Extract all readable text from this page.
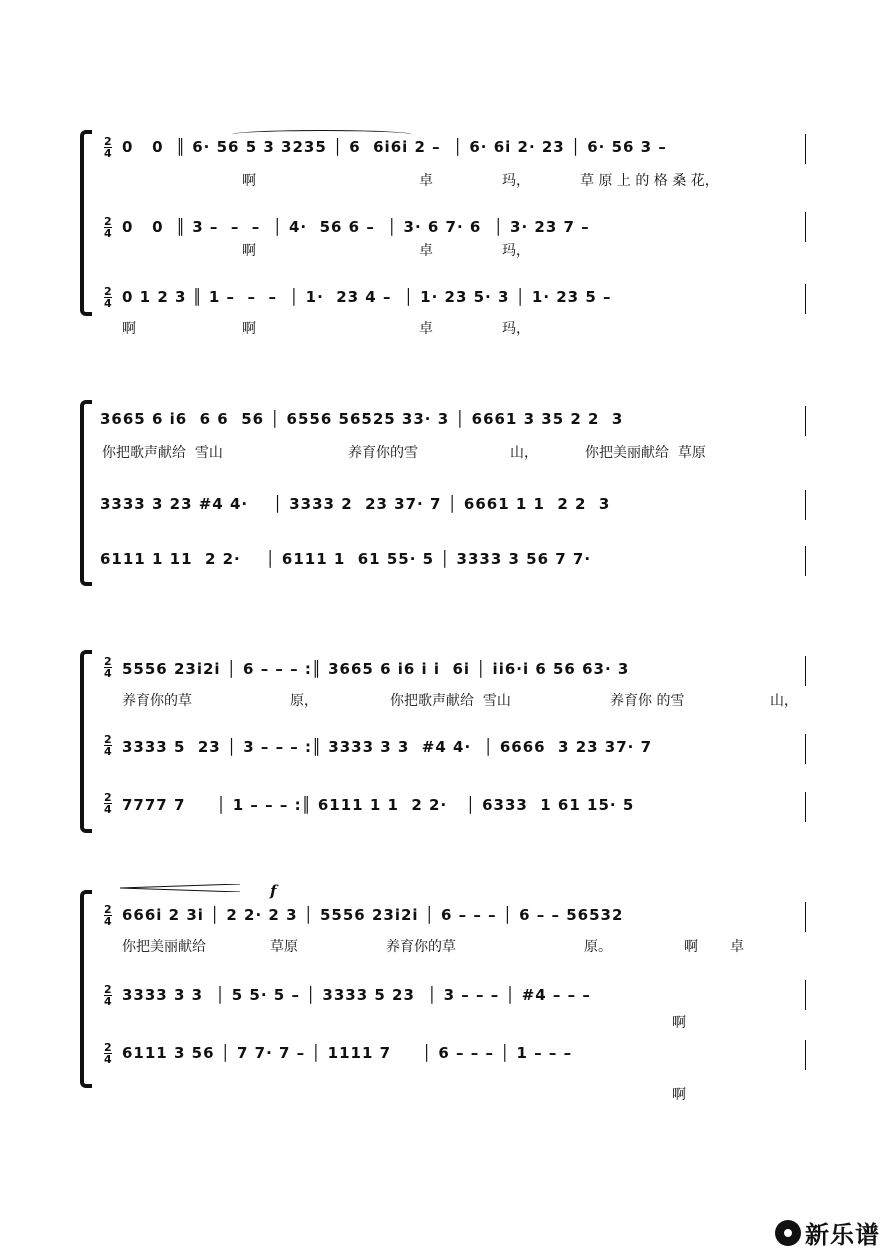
2
4
2
4
2
4
0   0  ║ 6· 56 5 3 3235 │ 6  6i6i 2 –  │ 6· 6i 2· 23 │ 6· 56 3 –
啊	卓	玛，	草 原 上 的 格 桑 花，
0   0  ║ 3 –  –  –  │ 4·  56 6 –  │ 3· 6 7· 6  │ 3· 23 7 –
啊	卓	玛，
0 1 2 3 ║ 1 –  –  –  │ 1·  23 4 –  │ 1· 23 5· 3 │ 1· 23 5 –
啊	啊	卓	玛，
3665 6 i6  6 6  56 │ 6556 56525 33· 3 │ 6661 3 35 2 2  3
你把歌声献给  雪山	养育你的雪	山，	你把美丽献给  草原
3333 3 23 #4 4·    │ 3333 2  23 37· 7 │ 6661 1 1  2 2  3
6111 1 11  2 2·    │ 6111 1  61 55· 5 │ 3333 3 56 7 7·
2
4
2
4
2
4
5556 23i2i │ 6 – – – :║ 3665 6 i6 i i  6i │ ii6·i 6 56 63· 3
养育你的草	原，	你把歌声献给  雪山	养育你 的雪	山，
3333 5  23 │ 3 – – – :║ 3333 3 3  #4 4·  │ 6666  3 23 37· 7
7777 7     │ 1 – – – :║ 6111 1 1  2 2·   │ 6333  1 61 15· 5
f
2
4
2
4
2
4
666i 2 3i │ 2 2· 2 3 │ 5556 23i2i │ 6 – – – │ 6 – – 56532
你把美丽献给	草原	养育你的草	原。	啊 卓
3333 3 3  │ 5 5· 5 – │ 3333 5 23  │ 3 – – – │ #4 – – –
啊
6111 3 56 │ 7 7· 7 – │ 1111 7     │ 6 – – – │ 1 – – –
啊
新乐谱
